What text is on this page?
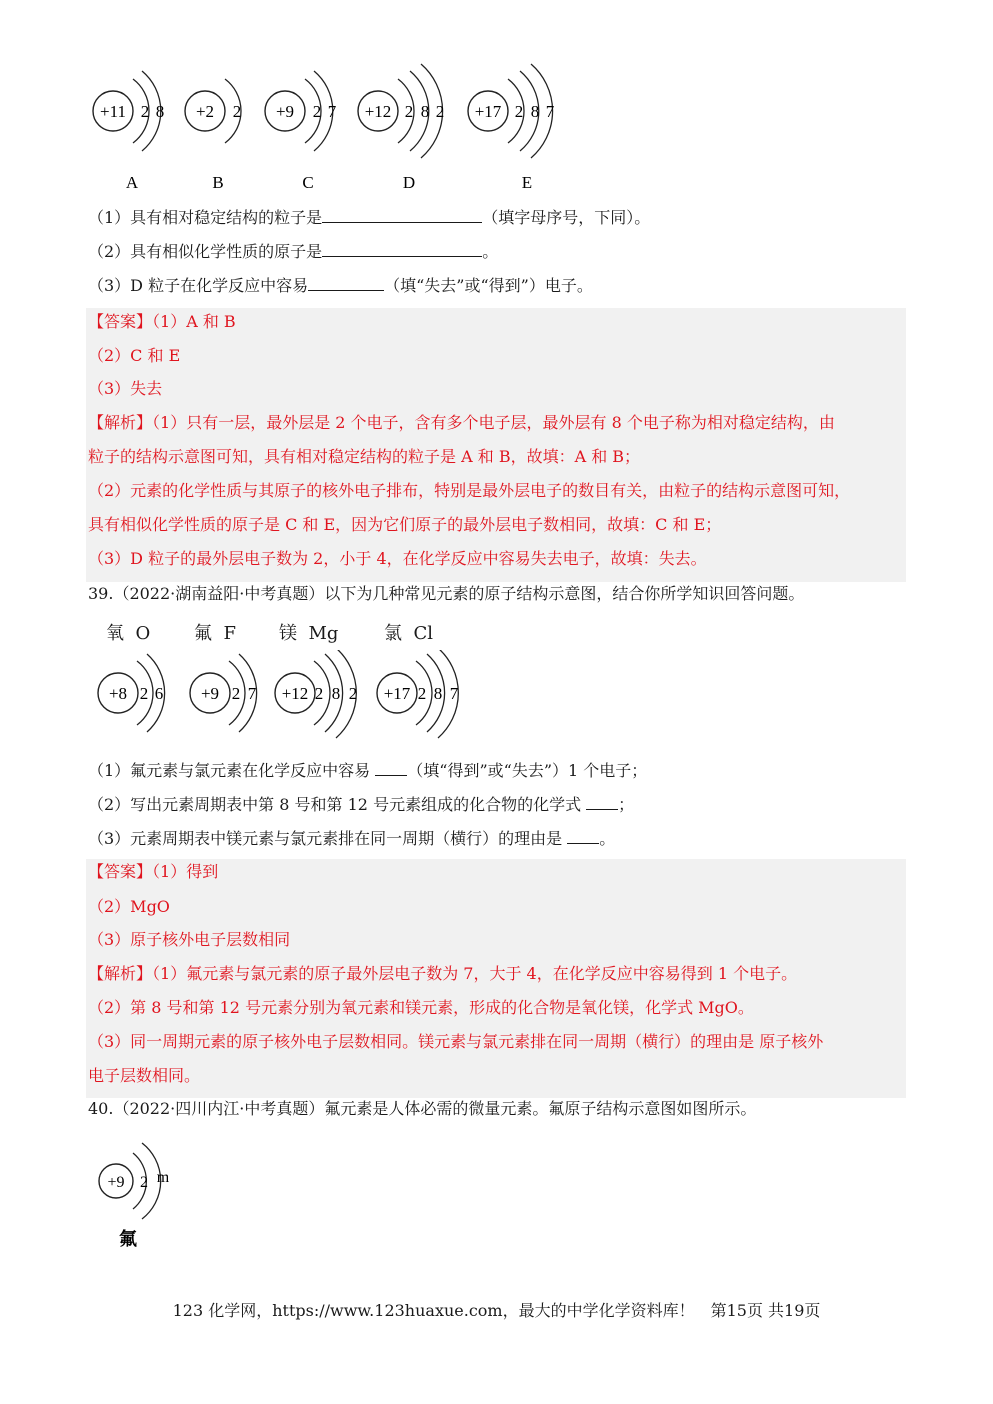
+11 2 8 +2 2 +9 2 7 +12 2 8 2 +17 2 8 7
A	B	C	D	E
（1）具有相对稳定结构的粒子是	（填字母序号，下同）。
（2）具有相似化学性质的原子是	。
（3）D 粒子在化学反应中容易	（填“失去”或“得到”）电子。
【答案】（1）A 和 B
（2）C 和 E
（3）失去
【解析】（1）只有一层，最外层是 2 个电子，含有多个电子层，最外层有 8 个电子称为相对稳定结构，由
粒子的结构示意图可知，具有相对稳定结构的粒子是 A 和 B，故填：A 和 B；
（2）元素的化学性质与其原子的核外电子排布，特别是最外层电子的数目有关，由粒子的结构示意图可知，
具有相似化学性质的原子是 C 和 E，因为它们原子的最外层电子数相同，故填：C 和 E；
（3）D 粒子的最外层电子数为 2，小于 4，在化学反应中容易失去电子，故填：失去。
39.（2022·湖南益阳·中考真题）以下为几种常见元素的原子结构示意图，结合你所学知识回答问题。
氧 O 氟 F 镁 Mg	氯 Cl
+8 2 6 +9 2 7 +12 2 8 2 +17 2 8 7
（1）氟元素与氯元素在化学反应中容易 （填“得到”或“失去”）1 个电子；
（2）写出元素周期表中第 8 号和第 12 号元素组成的化合物的化学式 ；
（3）元素周期表中镁元素与氯元素排在同一周期（横行）的理由是 。
【答案】（1）得到
（2）MgO
（3）原子核外电子层数相同
【解析】（1）氟元素与氯元素的原子最外层电子数为 7，大于 4，在化学反应中容易得到 1 个电子。
（2）第 8 号和第 12 号元素分别为氧元素和镁元素，形成的化合物是氧化镁，化学式 MgO。
（3）同一周期元素的原子核外电子层数相同。镁元素与氯元素排在同一周期（横行）的理由是 原子核外
电子层数相同。
40.（2022·四川内江·中考真题）氟元素是人体必需的微量元素。氟原子结构示意图如图所示。
+9 2 m
氟
123 化学网，https://www.123huaxue.com，最大的中学化学资料库！　第15页 共19页
